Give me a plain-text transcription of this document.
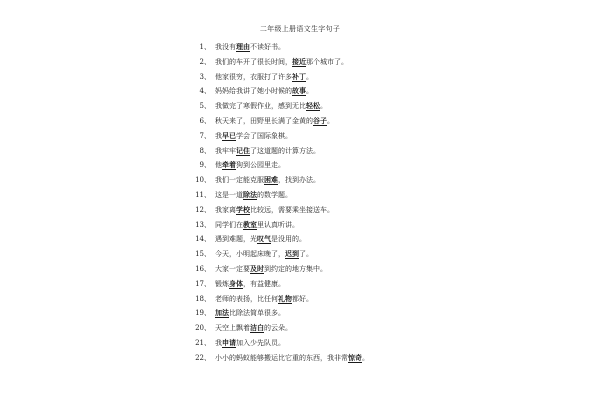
二年级上册语文生字句子
1、 我没有理由不读好书。
2、 我们的车开了很长时间，接近那个城市了。
3、 他家很穷，衣服打了许多补丁。
4、 妈妈给我讲了她小时候的故事。
5、 我做完了寒假作业，感到无比轻松。
6、 秋天来了，田野里长满了金黄的谷子。
7、 我早已学会了国际象棋。
8、 我牢牢记住了这道题的计算方法。
9、 他牵着狗到公园里走。
10、 我们一定能克服困难，找到办法。
11、 这是一道除法的数学题。
12、 我家离学校比较远，需要乘坐接送车。
13、 同学们在教室里认真听讲。
14、 遇到难题，光叹气是没用的。
15、 今天，小明起床晚了，迟到了。
16、 大家一定要及时到约定的地方集中。
17、 锻炼身体，有益健康。
18、 老师的表扬，比任何礼物都好。
19、 加法比除法简单很多。
20、 天空上飘着洁白的云朵。
21、 我申请加入少先队员。
22、 小小的蚂蚁能够搬运比它重的东西，我非常惊奇。
